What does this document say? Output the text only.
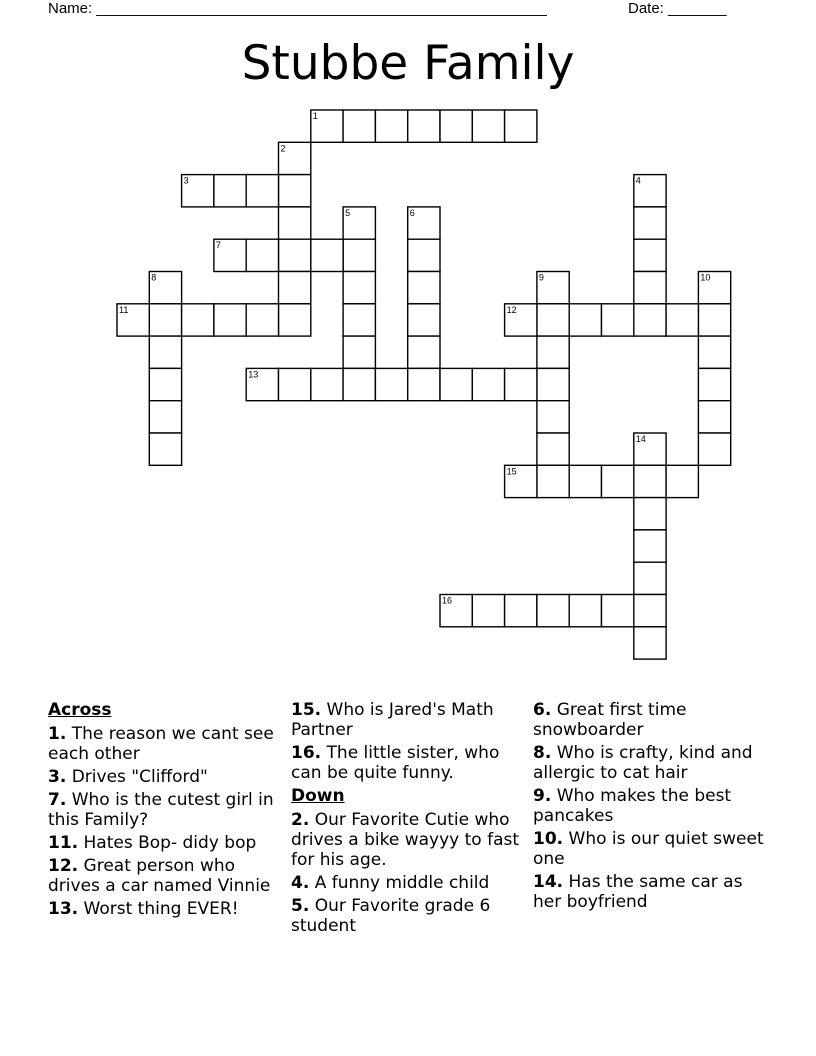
Name: ______________________________________________________	Date: _______
Stubbe Family
1
2
3	4
5	6
7
8	9	10
11	12
13
14
15
16
Across
1. The reason we cant see each other
3. Drives "Clifford"
7. Who is the cutest girl in this Family?
11. Hates Bop- didy bop
12. Great person who drives a car named Vinnie
13. Worst thing EVER!
15. Who is Jared's Math Partner
16. The little sister, who can be quite funny.
Down
2. Our Favorite Cutie who drives a bike wayyy to fast for his age.
4. A funny middle child
5. Our Favorite grade 6 student
6. Great first time snowboarder
8. Who is crafty, kind and allergic to cat hair
9. Who makes the best pancakes
10. Who is our quiet sweet one
14. Has the same car as her boyfriend
